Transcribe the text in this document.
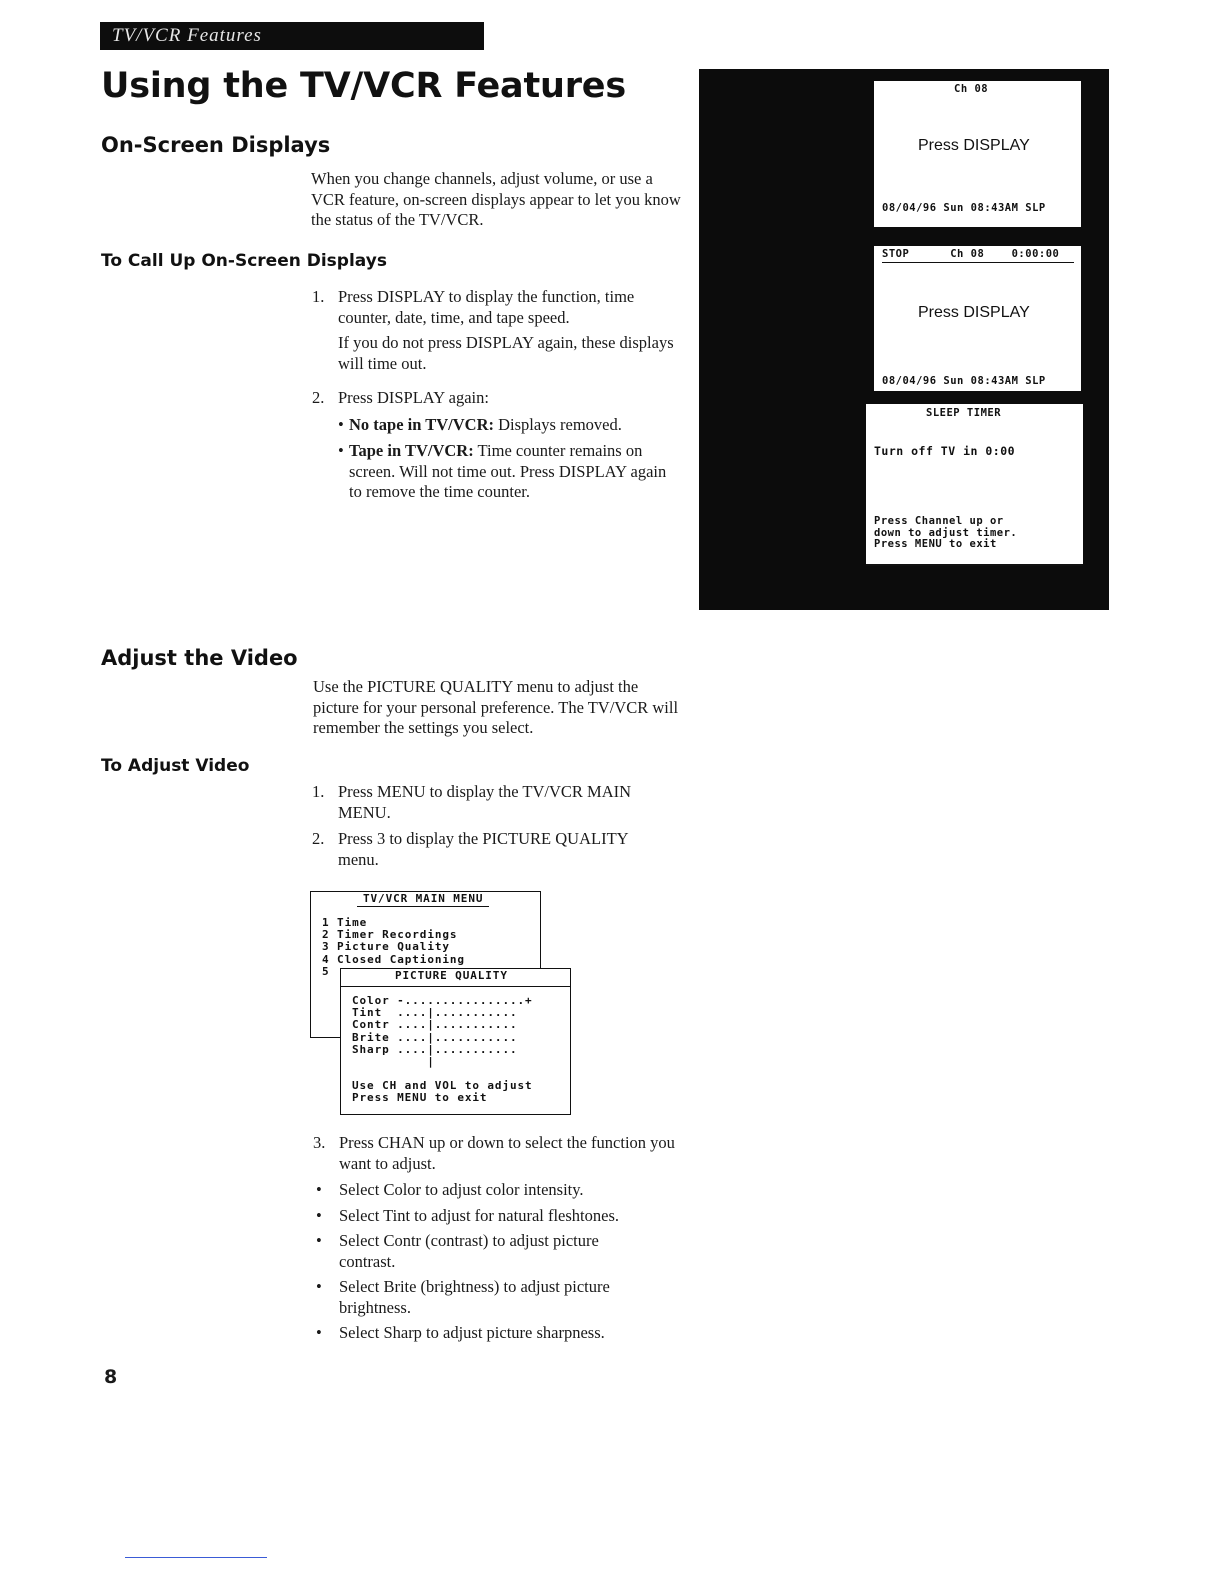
TV/VCR Features
Using the TV/VCR Features
On-Screen Displays
When you change channels, adjust volume, or use a VCR feature, on-screen displays appear to let you know the status of the TV/VCR.
To Call Up On-Screen Displays
1. Press DISPLAY to display the function, time counter, date, time, and tape speed.
If you do not press DISPLAY again, these displays will time out.
2. Press DISPLAY again:
• No tape in TV/VCR: Displays removed.
• Tape in TV/VCR: Time counter remains on screen. Will not time out. Press DISPLAY again to remove the time counter.
Ch 08
Press DISPLAY
08/04/96 Sun 08:43AM SLP
STOP      Ch 08    0:00:00
Press DISPLAY
08/04/96 Sun 08:43AM SLP
SLEEP TIMER
Turn off TV in 0:00
Press Channel up or
down to adjust timer.
Press MENU to exit
Adjust the Video
Use the PICTURE QUALITY menu to adjust the picture for your personal preference. The TV/VCR will remember the settings you select.
To Adjust Video
1. Press MENU to display the TV/VCR MAIN MENU.
2. Press 3 to display the PICTURE QUALITY menu.
TV/VCR MAIN MENU
1 Time
2 Timer Recordings
3 Picture Quality
4 Closed Captioning
5	PICTURE QUALITY
Color -................+
Tint  ....|...........
Contr ....|...........
Brite ....|...........
Sharp ....|...........
|
Use CH and VOL to adjust
Press MENU to exit
3. Press CHAN up or down to select the function you want to adjust.
• Select Color to adjust color intensity.
• Select Tint to adjust for natural fleshtones.
• Select Contr (contrast) to adjust picture contrast.
• Select Brite (brightness) to adjust picture brightness.
• Select Sharp to adjust picture sharpness.
8
